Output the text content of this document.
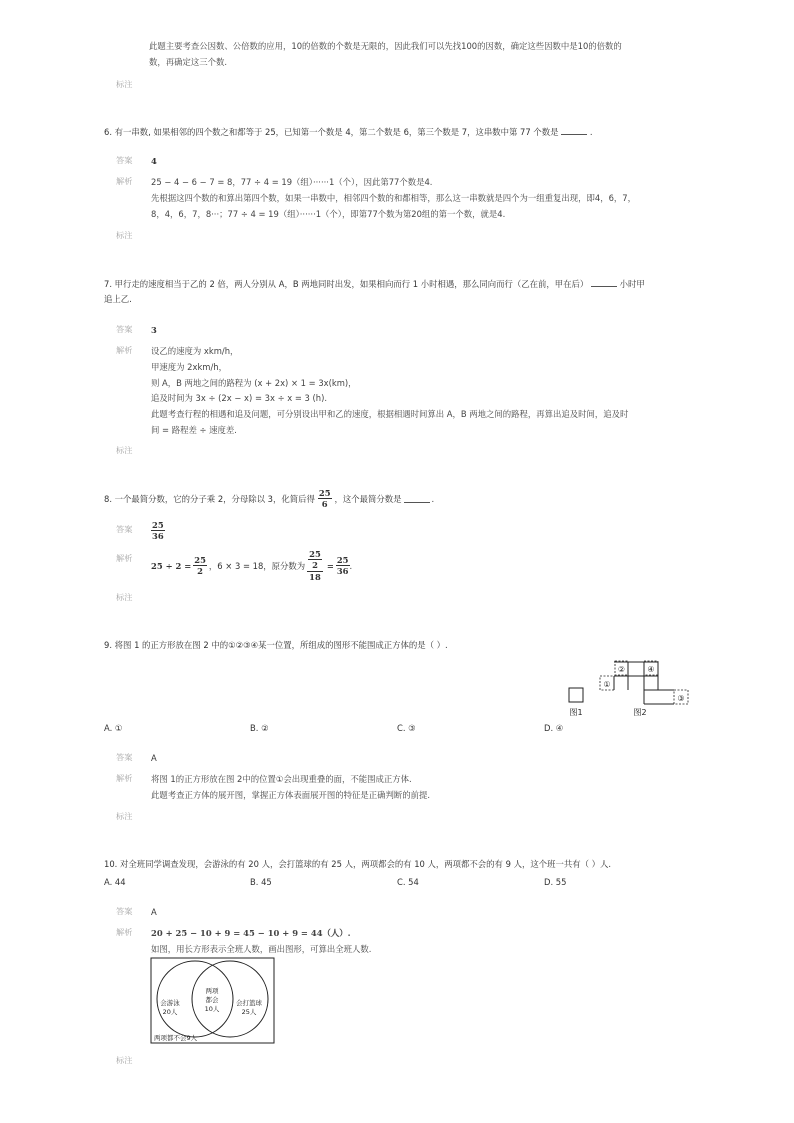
此题主要考查公因数、公倍数的应用，10的倍数的个数是无限的，因此我们可以先找100的因数，确定这些因数中是10的倍数的
数，再确定这三个数.
标注
6. 有一串数, 如果相邻的四个数之和都等于 25，已知第一个数是 4，第二个数是 6，第三个数是 7，这串数中第 77 个数是	.
答案 4
解析 25 − 4 − 6 − 7 = 8，77 ÷ 4 = 19（组）······1（个），因此第77个数是4.
先根据这四个数的和算出第四个数，如果一串数中，相邻四个数的和都相等，那么这一串数就是四个为一组重复出现，即4，6，7，
8，4，6，7，8···；77 ÷ 4 = 19（组）······1（个），即第77个数为第20组的第一个数，就是4.
标注
7. 甲行走的速度相当于乙的 2 倍，两人分别从 A，B 两地同时出发，如果相向而行 1 小时相遇，那么同向而行（乙在前，甲在后）	小时甲
追上乙.
答案 3
解析 设乙的速度为 xkm/h，
甲速度为 2xkm/h，
则 A，B 两地之间的路程为 (x + 2x) × 1 = 3x(km)，
追及时间为 3x ÷ (2x − x) = 3x ÷ x = 3 (h).
此题考查行程的相遇和追及问题，可分别设出甲和乙的速度，根据相遇时间算出 A，B 两地之间的路程，再算出追及时间，追及时
间 = 路程差 ÷ 速度差.
标注
8. 一个最简分数，它的分子乘 2，分母除以 3，化简后得 $\frac{25}{6}$ ，这个最简分数是	.
答案 $\frac{25}{36}$
解析
$25 \div 2 = \frac{25}{2}$ ，6 × 3 = 18，原分数为 $\frac{\frac{25}{2}}{18} = \frac{25}{36}$ .
标注
9. 将图 1 的正方形放在图 2 中的①②③④某一位置，所组成的图形不能围成正方体的是（ ）.
图1
①
②
③
④
图2
A. ①	B. ②	C. ③	D. ④
答案 A
解析 将图 1的正方形放在图 2中的位置①会出现重叠的面，不能围成正方体.
此题考查正方体的展开图，掌握正方体表面展开图的特征是正确判断的前提.
标注
10. 对全班同学调查发现，会游泳的有 20 人，会打篮球的有 25 人，两项都会的有 10 人，两项都不会的有 9 人，这个班一共有（ ）人.
A. 44	B. 45	C. 54	D. 55
答案 A
解析 20 + 25 − 10 + 9 = 45 − 10 + 9 = 44（人）.
如图，用长方形表示全班人数，画出图形，可算出全班人数.
会游泳
20人
两项
都会
10人
会打篮球
25人
两项都不会9人
标注
